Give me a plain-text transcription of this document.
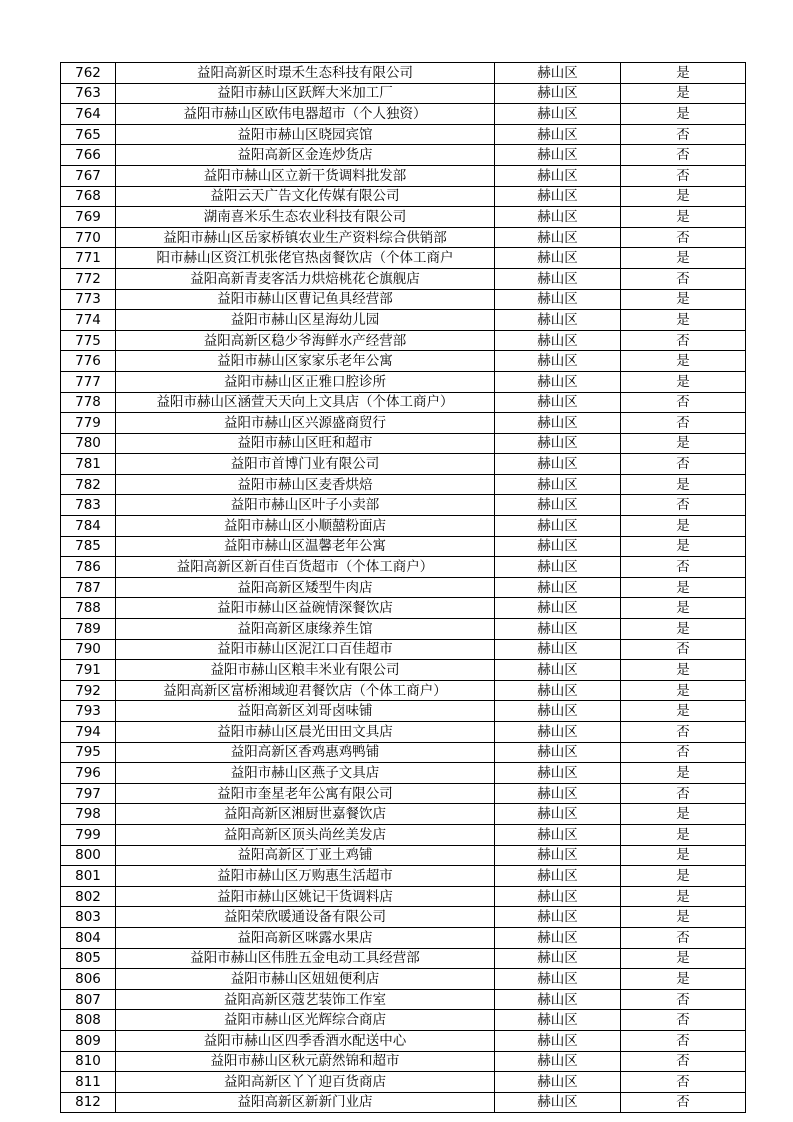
762	益阳高新区时璟禾生态科技有限公司	赫山区	是
763	益阳市赫山区跃辉大米加工厂	赫山区	是
764	益阳市赫山区欧伟电器超市（个人独资）	赫山区	是
765	益阳市赫山区晓园宾馆	赫山区	否
766	益阳高新区金连炒货店	赫山区	否
767	益阳市赫山区立新干货调料批发部	赫山区	否
768	益阳云天广告文化传媒有限公司	赫山区	是
769	湖南喜米乐生态农业科技有限公司	赫山区	是
770	益阳市赫山区岳家桥镇农业生产资料综合供销部	赫山区	否
771	阳市赫山区资江机张佬官热卤餐饮店（个体工商户	赫山区	是
772	益阳高新青麦客活力烘焙桃花仑旗舰店	赫山区	否
773	益阳市赫山区曹记鱼具经营部	赫山区	是
774	益阳市赫山区星海幼儿园	赫山区	是
775	益阳高新区稳少爷海鲜水产经营部	赫山区	否
776	益阳市赫山区家家乐老年公寓	赫山区	是
777	益阳市赫山区正雅口腔诊所	赫山区	是
778	益阳市赫山区涵萱天天向上文具店（个体工商户）	赫山区	否
779	益阳市赫山区兴源盛商贸行	赫山区	否
780	益阳市赫山区旺和超市	赫山区	是
781	益阳市首博门业有限公司	赫山区	否
782	益阳市赫山区麦香烘焙	赫山区	是
783	益阳市赫山区叶子小卖部	赫山区	否
784	益阳市赫山区小顺囍粉面店	赫山区	是
785	益阳市赫山区温馨老年公寓	赫山区	是
786	益阳高新区新百佳百货超市（个体工商户）	赫山区	否
787	益阳高新区矮型牛肉店	赫山区	是
788	益阳市赫山区益碗情深餐饮店	赫山区	是
789	益阳高新区康缘养生馆	赫山区	是
790	益阳市赫山区泥江口百佳超市	赫山区	否
791	益阳市赫山区粮丰米业有限公司	赫山区	是
792	益阳高新区富桥湘域迎君餐饮店（个体工商户）	赫山区	是
793	益阳高新区刘哥卤味铺	赫山区	是
794	益阳市赫山区晨光田田文具店	赫山区	否
795	益阳高新区香鸡惠鸡鸭铺	赫山区	否
796	益阳市赫山区燕子文具店	赫山区	是
797	益阳市奎星老年公寓有限公司	赫山区	否
798	益阳高新区湘厨世嘉餐饮店	赫山区	是
799	益阳高新区顶头尚丝美发店	赫山区	是
800	益阳高新区丁亚土鸡铺	赫山区	是
801	益阳市赫山区万购惠生活超市	赫山区	是
802	益阳市赫山区姚记干货调料店	赫山区	是
803	益阳荣欣暖通设备有限公司	赫山区	是
804	益阳高新区咪露水果店	赫山区	否
805	益阳市赫山区伟胜五金电动工具经营部	赫山区	是
806	益阳市赫山区妞妞便利店	赫山区	是
807	益阳高新区蔻艺装饰工作室	赫山区	否
808	益阳市赫山区光辉综合商店	赫山区	否
809	益阳市赫山区四季香酒水配送中心	赫山区	否
810	益阳市赫山区秋元蔚然锦和超市	赫山区	否
811	益阳高新区丫丫迎百货商店	赫山区	否
812	益阳高新区新新门业店	赫山区	否
